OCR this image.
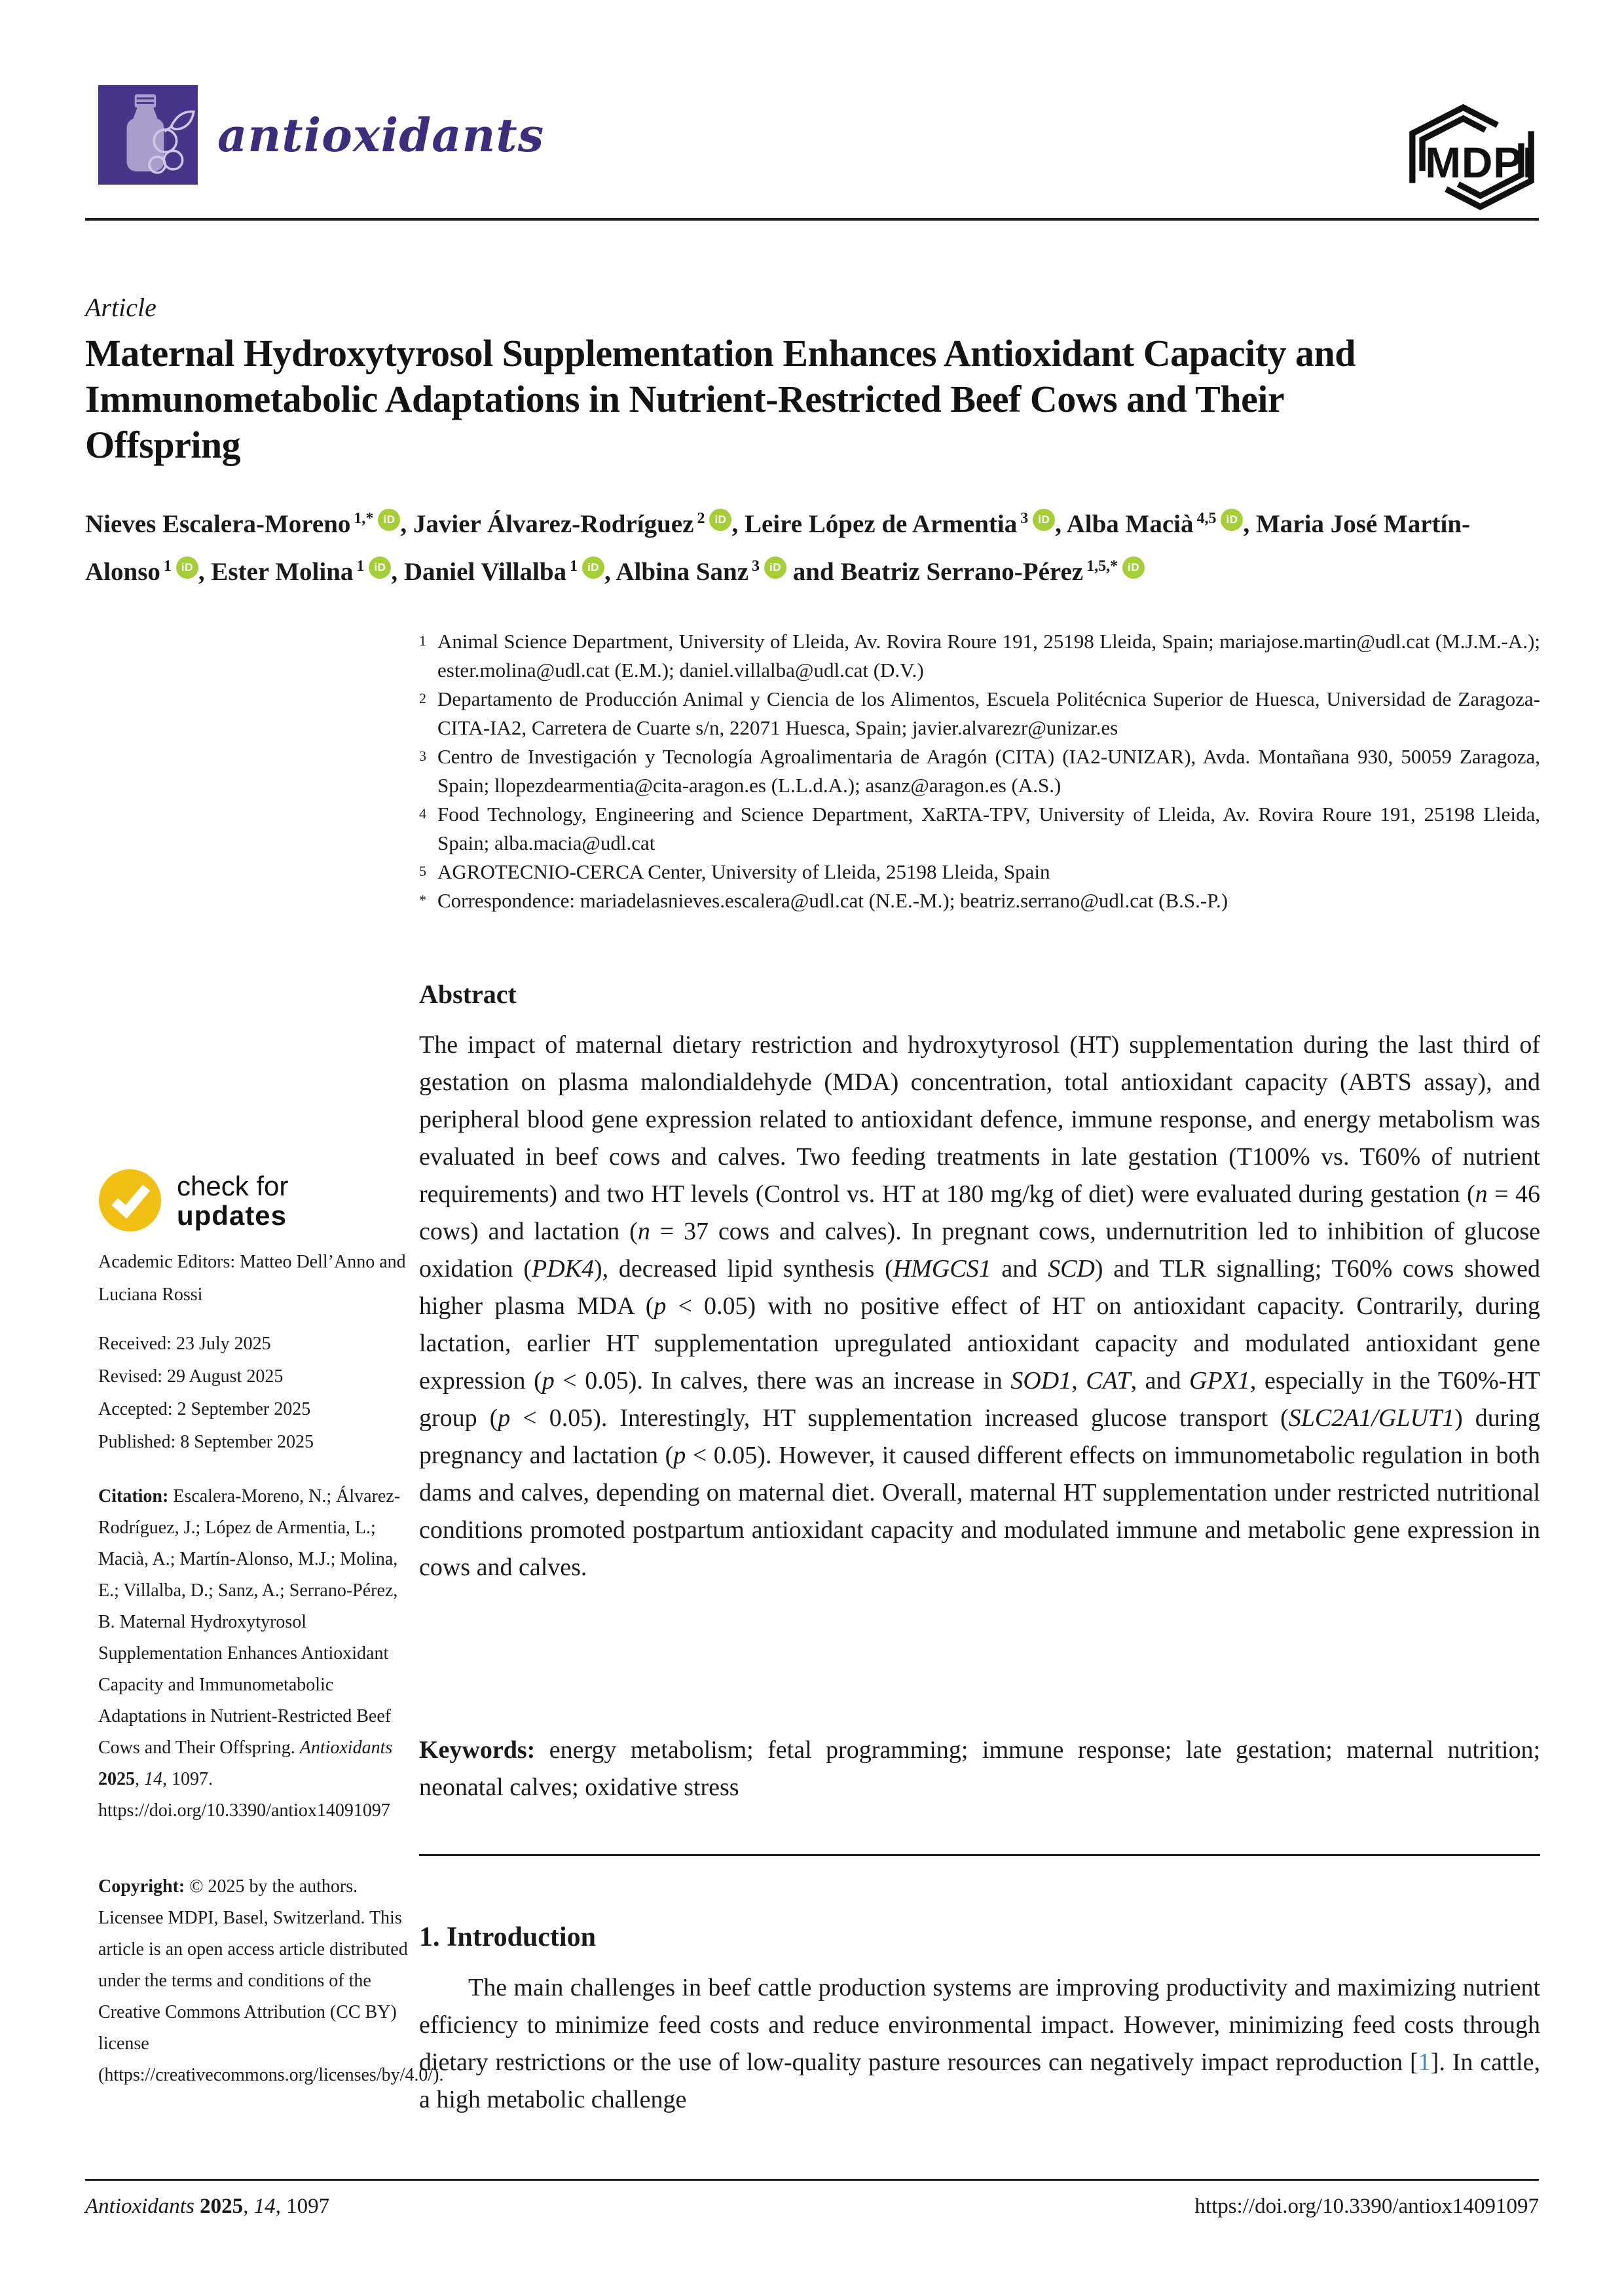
antioxidants
MDPI
Article
Maternal Hydroxytyrosol Supplementation Enhances Antioxidant Capacity and Immunometabolic Adaptations in Nutrient-Restricted Beef Cows and Their Offspring
Nieves Escalera-Moreno $^{1,*}$ iD , Javier Álvarez-Rodríguez $^2$ iD , Leire López de Armentia $^3$ iD , Alba Macià $^{4,5}$ iD , Maria José Martín-Alonso $^1$ iD , Ester Molina $^1$ iD , Daniel Villalba $^1$ iD , Albina Sanz $^3$ iD and Beatriz Serrano-Pérez $^{1,5,*}$ iD
1 Animal Science Department, University of Lleida, Av. Rovira Roure 191, 25198 Lleida, Spain; mariajose.martin@udl.cat (M.J.M.-A.); ester.molina@udl.cat (E.M.); daniel.villalba@udl.cat (D.V.)
2 Departamento de Producción Animal y Ciencia de los Alimentos, Escuela Politécnica Superior de Huesca, Universidad de Zaragoza-CITA-IA2, Carretera de Cuarte s/n, 22071 Huesca, Spain; javier.alvarezr@unizar.es
3 Centro de Investigación y Tecnología Agroalimentaria de Aragón (CITA) (IA2-UNIZAR), Avda. Montañana 930, 50059 Zaragoza, Spain; llopezdearmentia@cita-aragon.es (L.L.d.A.); asanz@aragon.es (A.S.)
4 Food Technology, Engineering and Science Department, XaRTA-TPV, University of Lleida, Av. Rovira Roure 191, 25198 Lleida, Spain; alba.macia@udl.cat
5 AGROTECNIO-CERCA Center, University of Lleida, 25198 Lleida, Spain
* Correspondence: mariadelasnieves.escalera@udl.cat (N.E.-M.); beatriz.serrano@udl.cat (B.S.-P.)
Abstract
The impact of maternal dietary restriction and hydroxytyrosol (HT) supplementation during the last third of gestation on plasma malondialdehyde (MDA) concentration, total antioxidant capacity (ABTS assay), and peripheral blood gene expression related to antioxidant defence, immune response, and energy metabolism was evaluated in beef cows and calves. Two feeding treatments in late gestation (T100% vs. T60% of nutrient requirements) and two HT levels (Control vs. HT at 180 mg/kg of diet) were evaluated during gestation (n = 46 cows) and lactation (n = 37 cows and calves). In pregnant cows, undernutrition led to inhibition of glucose oxidation (PDK4), decreased lipid synthesis (HMGCS1 and SCD) and TLR signalling; T60% cows showed higher plasma MDA (p < 0.05) with no positive effect of HT on antioxidant capacity. Contrarily, during lactation, earlier HT supplementation upregulated antioxidant capacity and modulated antioxidant gene expression (p < 0.05). In calves, there was an increase in SOD1, CAT, and GPX1, especially in the T60%-HT group (p < 0.05). Interestingly, HT supplementation increased glucose transport (SLC2A1/GLUT1) during pregnancy and lactation (p < 0.05). However, it caused different effects on immunometabolic regulation in both dams and calves, depending on maternal diet. Overall, maternal HT supplementation under restricted nutritional conditions promoted postpartum antioxidant capacity and modulated immune and metabolic gene expression in cows and calves.
Keywords: energy metabolism; fetal programming; immune response; late gestation; maternal nutrition; neonatal calves; oxidative stress
1. Introduction
The main challenges in beef cattle production systems are improving productivity and maximizing nutrient efficiency to minimize feed costs and reduce environmental impact. However, minimizing feed costs through dietary restrictions or the use of low-quality pasture resources can negatively impact reproduction [1]. In cattle, a high metabolic challenge
check for
updates
Academic Editors: Matteo Dell’Anno and Luciana Rossi
Received: 23 July 2025
Revised: 29 August 2025
Accepted: 2 September 2025
Published: 8 September 2025
Citation: Escalera-Moreno, N.; Álvarez-Rodríguez, J.; López de Armentia, L.; Macià, A.; Martín-Alonso, M.J.; Molina, E.; Villalba, D.; Sanz, A.; Serrano-Pérez, B. Maternal Hydroxytyrosol Supplementation Enhances Antioxidant Capacity and Immunometabolic Adaptations in Nutrient-Restricted Beef Cows and Their Offspring. Antioxidants 2025, 14, 1097. https://doi.org/10.3390/antiox14091097
Copyright: © 2025 by the authors. Licensee MDPI, Basel, Switzerland. This article is an open access article distributed under the terms and conditions of the Creative Commons Attribution (CC BY) license (https://creativecommons.org/licenses/by/4.0/).
Antioxidants 2025, 14, 1097	https://doi.org/10.3390/antiox14091097
